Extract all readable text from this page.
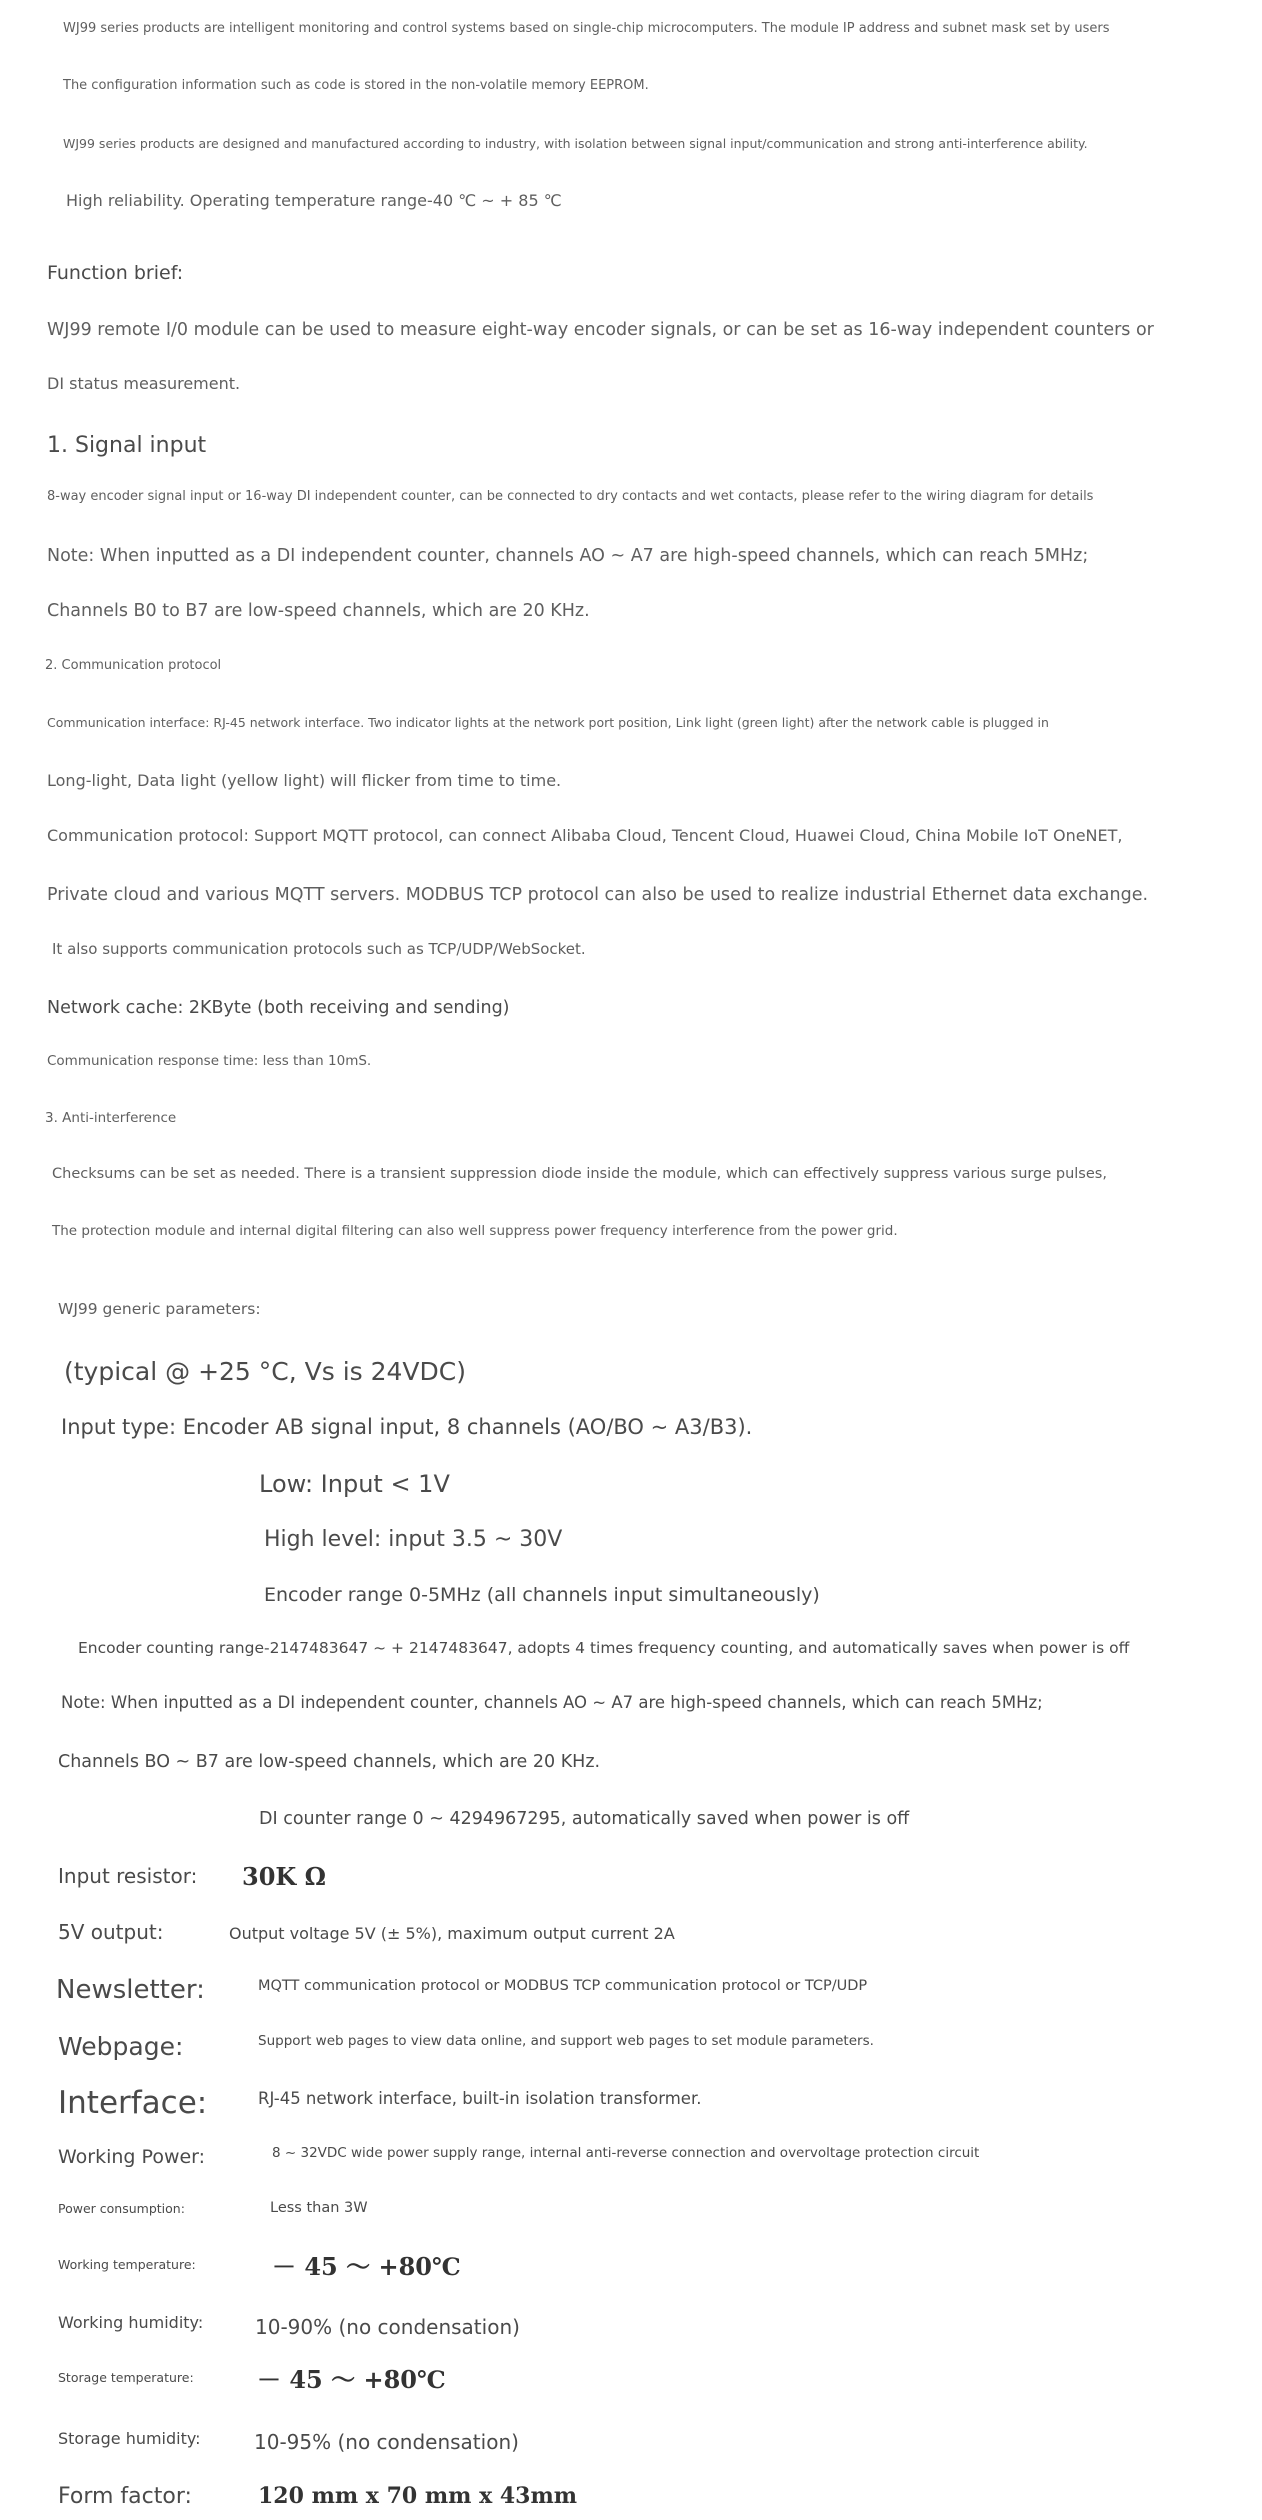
WJ99 series products are intelligent monitoring and control systems based on single-chip microcomputers. The module IP address and subnet mask set by users
The configuration information such as code is stored in the non-volatile memory EEPROM.
WJ99 series products are designed and manufactured according to industry, with isolation between signal input/communication and strong anti-interference ability.
High reliability. Operating temperature range-40 ℃ ~ + 85 ℃
Function brief:
WJ99 remote I/0 module can be used to measure eight-way encoder signals, or can be set as 16-way independent counters or
DI status measurement.
1. Signal input
8-way encoder signal input or 16-way DI independent counter, can be connected to dry contacts and wet contacts, please refer to the wiring diagram for details
Note: When inputted as a DI independent counter, channels AO ~ A7 are high-speed channels, which can reach 5MHz;
Channels B0 to B7 are low-speed channels, which are 20 KHz.
2. Communication protocol
Communication interface: RJ-45 network interface. Two indicator lights at the network port position, Link light (green light) after the network cable is plugged in
Long-light, Data light (yellow light) will flicker from time to time.
Communication protocol: Support MQTT protocol, can connect Alibaba Cloud, Tencent Cloud, Huawei Cloud, China Mobile IoT OneNET,
Private cloud and various MQTT servers. MODBUS TCP protocol can also be used to realize industrial Ethernet data exchange.
It also supports communication protocols such as TCP/UDP/WebSocket.
Network cache: 2KByte (both receiving and sending)
Communication response time: less than 10mS.
3. Anti-interference
Checksums can be set as needed. There is a transient suppression diode inside the module, which can effectively suppress various surge pulses,
The protection module and internal digital filtering can also well suppress power frequency interference from the power grid.
WJ99 generic parameters:
(typical @ +25 °C, Vs is 24VDC)
Input type: Encoder AB signal input, 8 channels (AO/BO ~ A3/B3).
Low: Input < 1V
High level: input 3.5 ~ 30V
Encoder range 0-5MHz (all channels input simultaneously)
Encoder counting range-2147483647 ~ + 2147483647, adopts 4 times frequency counting, and automatically saves when power is off
Note: When inputted as a DI independent counter, channels AO ~ A7 are high-speed channels, which can reach 5MHz;
Channels BO ~ B7 are low-speed channels, which are 20 KHz.
DI counter range 0 ~ 4294967295, automatically saved when power is off
Input resistor: 30K Ω
5V output:	Output voltage 5V (± 5%), maximum output current 2A
Newsletter:	MQTT communication protocol or MODBUS TCP communication protocol or TCP/UDP
Webpage:	Support web pages to view data online, and support web pages to set module parameters.
Interface:	RJ-45 network interface, built-in isolation transformer.
Working Power:	8 ~ 32VDC wide power supply range, internal anti-reverse connection and overvoltage protection circuit
Power consumption:	Less than 3W
Working temperature:	－ 45 ～ +80℃
Working humidity:	10-90% (no condensation)
Storage temperature:	－ 45 ～ +80℃
Storage humidity:	10-95% (no condensation)
Form factor:	120 mm x 70 mm x 43mm
